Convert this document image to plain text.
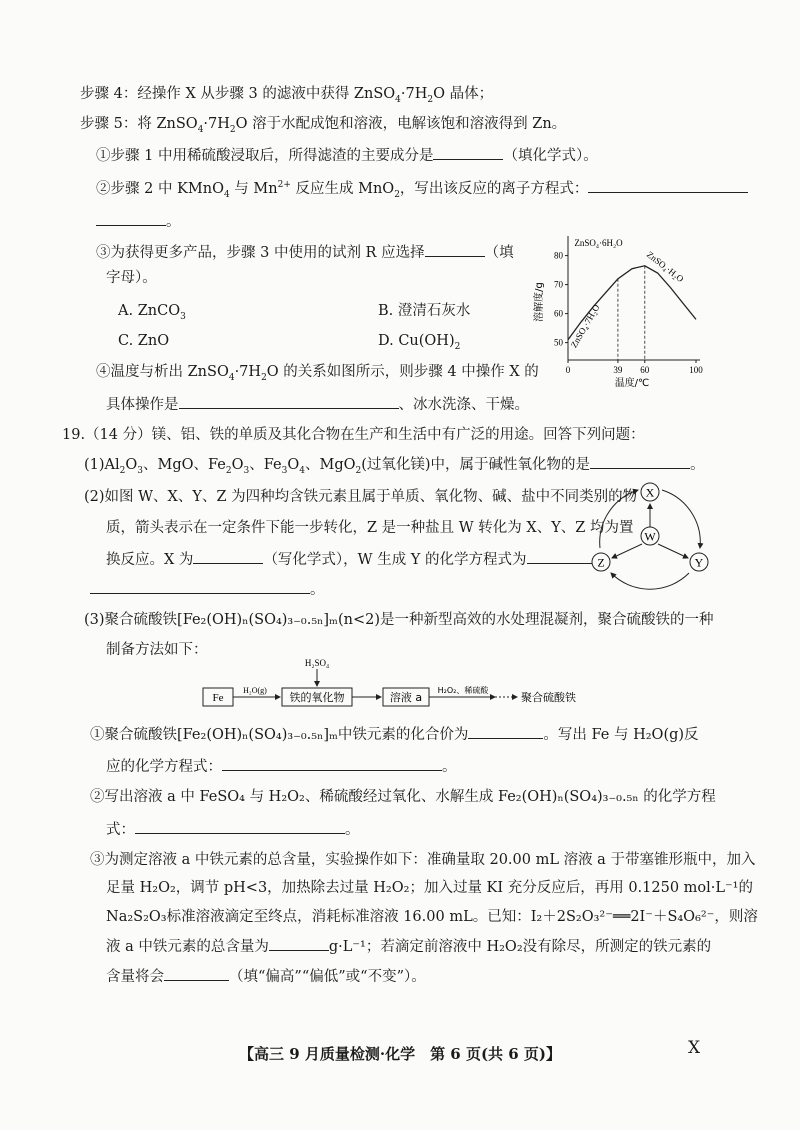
步骤 4：经操作 X 从步骤 3 的滤液中获得 $ZnSO_4\cdot 7H_2O$ 晶体；
步骤 5：将 $ZnSO_4\cdot 7H_2O$ 溶于水配成饱和溶液，电解该饱和溶液得到 Zn。
①步骤 1 中用稀硫酸浸取后，所得滤渣的主要成分是	（填化学式）。
②步骤 2 中 KMnO$_4$ 与 $Mn^{2+}$ 反应生成 MnO$_2$，写出该反应的离子方程式：
。
③为获得更多产品，步骤 3 中使用的试剂 R 应选择	（填
字母）。
A. ZnCO$_3$	B. 澄清石灰水
C. ZnO	D. $Cu(OH)_2$
④温度与析出 $ZnSO_4\cdot 7H_2O$ 的关系如图所示，则步骤 4 中操作 X 的
具体操作是	、冰水洗涤、干燥。
50
60
70
80
0	39 60	100
溶解度/g
温度/℃
ZnSO₄·6H₂O
ZnSO₄·7H₂O
ZnSO₄·H₂O
19.（14 分）镁、铝、铁的单质及其化合物在生产和生活中有广泛的用途。回答下列问题：
$(1)Al_2O_3$、MgO、$Fe_2O_3$、$Fe_3O_4$、MgO$_2$(过氧化镁)中，属于碱性氧化物的是	。
(2)如图 W、X、Y、Z 为四种均含铁元素且属于单质、氧化物、碱、盐中不同类别的物
质，箭头表示在一定条件下能一步转化，Z 是一种盐且 W 转化为 X、Y、Z 均为置
换反应。X 为	（写化学式），W 生成 Y 的化学方程式为
。
X
W
Z	Y
(3)聚合硫酸铁[Fe₂(OH)ₙ(SO₄)₃₋₀.₅ₙ]ₘ(n<2)是一种新型高效的水处理混凝剂，聚合硫酸铁的一种
制备方法如下：
Fe
H₂O(g)
铁的氧化物
H₂SO₄
溶液 a
H₂O₂、稀硫酸
聚合硫酸铁
①聚合硫酸铁[Fe₂(OH)ₙ(SO₄)₃₋₀.₅ₙ]ₘ中铁元素的化合价为	。写出 Fe 与 H₂O(g)反
应的化学方程式：	。
②写出溶液 a 中 FeSO₄ 与 H₂O₂、稀硫酸经过氧化、水解生成 Fe₂(OH)ₙ(SO₄)₃₋₀.₅ₙ 的化学方程
式：	。
③为测定溶液 a 中铁元素的总含量，实验操作如下：准确量取 20.00 mL 溶液 a 于带塞锥形瓶中，加入
足量 H₂O₂，调节 pH<3，加热除去过量 H₂O₂；加入过量 KI 充分反应后，再用 0.1250 mol·L⁻¹的
Na₂S₂O₃标准溶液滴定至终点，消耗标准溶液 16.00 mL。已知：I₂＋2S₂O₃²⁻══2I⁻＋S₄O₆²⁻，则溶
液 a 中铁元素的总含量为	g·L⁻¹；若滴定前溶液中 H₂O₂没有除尽，所测定的铁元素的
含量将会	（填“偏高”“偏低”或“不变”）。
【高三 9 月质量检测·化学　第 6 页(共 6 页)】	X
